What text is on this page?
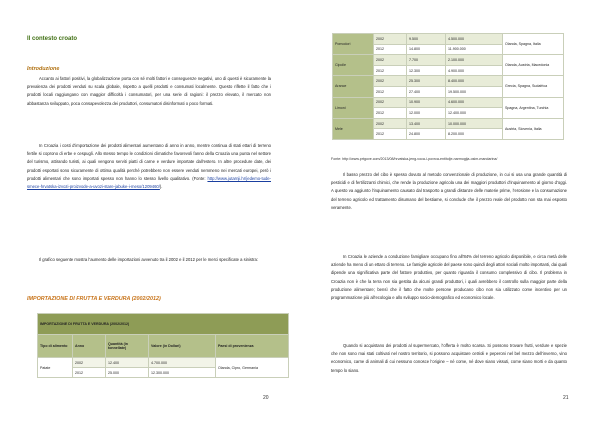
Il contesto croato
Introduzione

Accanto ai fattori positivi, la globalizzazione porta con sé molti fattori e conseguenze negativi, uno di questi è sicuramente la prevalenza dei prodotti venduti su scala globale, rispetto a quelli prodotti e consumati localmente. Questo riflette il fatto che i prodotti locali raggiungano con maggior difficoltà i consumatori, per una serie di ragioni: il prezzo elevato, il mercato non abbastanza sviluppato, poca consapevolezza dei produttori, consumatori disinformati o poco formati.

In Croazia i costi d’importazione dei prodotti alimentari aumentano di anno in anno, mentre continua di stati ettari di terreno fertile si coprono di erbe e cespugli. Allo stesso tempo le condizioni climatiche favorevoli fanno della Croazia una punta nel settore del turismo, attirando turisti, ai quali vengono serviti piatti di carne e verdure importate dall’estero. In altre procedure date, dei prodotti esportati sono sicuramente di ottima qualità perché potrebbero non essere venduti nemmeno nei mercati europei, però i prodotti alimentari che sono importati spesso non hanno lo stesso livello qualitativo. (Fonte: http://www.jutarnji.hr/jedemo-tude-smece-hrvatska-izvozi-proizvode-a-uvozi-stare-jabuke-i-meso/1209460/).

Il grafico seguente mostra l’aumento delle importazioni avvenuto tra il 2002 e il 2012 per le merci specificate a sinistra:

IMPORTAZIONE DI FRUTTA E VERDURA (2002/2012)
IMPORTAZIONE DI FRUTTA E VERDURA (2002/2012)				
Tipo di alimento	Anno	Quantità (in tonnellate)	Valore (in Dollari)	Paesi di provenienza
Patate	2002	12.400	4.700.000	Olanda, Cipro, Germania
	2012	25.000	12.300.000	
20
Pomodori	2002	9.500	4.500.000	Olanda, Spagna, Italia
	2012	14.800	11.900.000	
Cipolle	2002	7.700	2.100.000	Olanda, Austria, Macedonia
	2012	12.300	4.900.000	
Arance	2002	25.300	8.400.000	Grecia, Spagna, Sudafrica
	2012	27.400	19.500.000	
Limoni	2002	10.900	4.600.000	Spagna, Argentina, Turchia
	2012	12.000	12.400.000	
Mele	2002	13.400	10.000.000	Austria, Slovenia, Italia
	2012	24.800	8.200.000	
Fonte: http://www.prtgove.com/2013/08/hrvatska-jeng-voca-i-povrca-entitolje-narmogija-osim-mandarina/

Il basso prezzo del cibo è spesso dovuto al metodo convenzionale di produzione, in cui si usa una grande quantità di pesticidi e di fertilizzanti chimici, che rende la produzione agricola una dei maggiori produttori d’inquinamento al giorno d’oggi. A questo va aggiunto l’inquinamento causato dal trasporto a grandi distanze delle materie prime, l’erosione e la consumazione del terreno agricolo ed trattamento disumano del bestiame, si conclude che il prezzo reale del prodotto non sta mai esposto veramente.

In Croazia le aziende a conduzione famigliare occupano fino all’84% del terreno agricolo disponibile, e circa metà delle aziende ha meno di un ettaro di terreno. Le famiglie agricole del paese sono quindi degli attori sociali molto importanti, dai quali dipende una significativa parte del fattore produttivo, per quanto riguarda il consumo complessivo di cibo. Il problema in Croazia non è che la terra non sia gestita da alcuni grandi produttori, i quali avrebbero il controllo sulla maggior parte della produzione alimentare; bensì che il fatto che molte persone producano cibo non sia utilizzato come incentivo per un programmazione più all’ecologia e allo sviluppo socio-demografico ed economico locale.

Quando si acquistano dei prodotti al supermercato, l’offerta è molto scarsa. Si possono trovare frutti, verdure e spezie che non sono mai stati coltivati nel nostro territorio, si possono acquistare cetrioli e peperoni nel bel mezzo dell’inverno, vino economico, carne di animali di cui nessuno conosce l’origine – né come, né dove siano vissuti, come siano morti e da quanto tempo lo siano.

21
